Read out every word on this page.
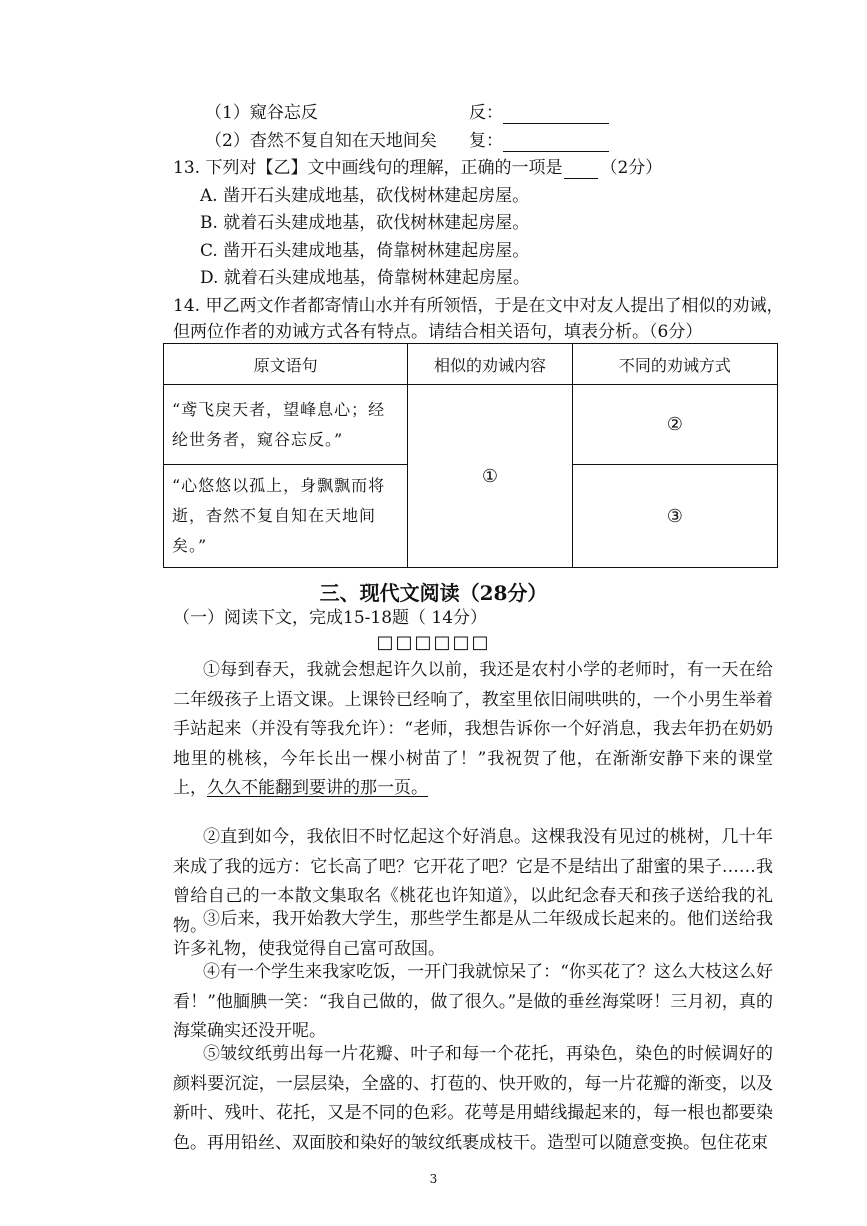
（1）窥谷忘反	反：
（2）杳然不复自知在天地间矣 复：
13. 下列对【乙】文中画线句的理解，正确的一项是 （2分）
A. 凿开石头建成地基，砍伐树林建起房屋。
B. 就着石头建成地基，砍伐树林建起房屋。
C. 凿开石头建成地基，倚靠树林建起房屋。
D. 就着石头建成地基，倚靠树林建起房屋。
14. 甲乙两文作者都寄情山水并有所领悟，于是在文中对友人提出了相似的劝诫，
但两位作者的劝诫方式各有特点。请结合相关语句，填表分析。（6分）
原文语句	相似的劝诫内容	不同的劝诫方式
“鸢飞戾天者，望峰息心；经纶世务者，窥谷忘反。”	①	②
“心悠悠以孤上，身飘飘而将逝，杳然不复自知在天地间矣。”		③
三、现代文阅读（28分）
（一）阅读下文，完成15-18题（ 14分）
□□□□□□
①每到春天，我就会想起许久以前，我还是农村小学的老师时，有一天在给二年级孩子上语文课。上课铃已经响了，教室里依旧闹哄哄的，一个小男生举着手站起来（并没有等我允许）：“老师，我想告诉你一个好消息，我去年扔在奶奶地里的桃核，今年长出一棵小树苗了！”我祝贺了他，在渐渐安静下来的课堂上，久久不能翻到要讲的那一页。
②直到如今，我依旧不时忆起这个好消息。这棵我没有见过的桃树，几十年来成了我的远方：它长高了吧？它开花了吧？它是不是结出了甜蜜的果子……我曾给自己的一本散文集取名《桃花也许知道》，以此纪念春天和孩子送给我的礼物。
③后来，我开始教大学生，那些学生都是从二年级成长起来的。他们送给我许多礼物，使我觉得自己富可敌国。
④有一个学生来我家吃饭，一开门我就惊呆了：“你买花了？这么大枝这么好看！”他腼腆一笑：“我自己做的，做了很久。”是做的垂丝海棠呀！三月初，真的海棠确实还没开呢。
⑤皱纹纸剪出每一片花瓣、叶子和每一个花托，再染色，染色的时候调好的颜料要沉淀，一层层染，全盛的、打苞的、快开败的，每一片花瓣的渐变，以及新叶、残叶、花托，又是不同的色彩。花萼是用蜡线撮起来的，每一根也都要染色。再用铅丝、双面胶和染好的皱纹纸裹成枝干。造型可以随意变换。包住花束
3
